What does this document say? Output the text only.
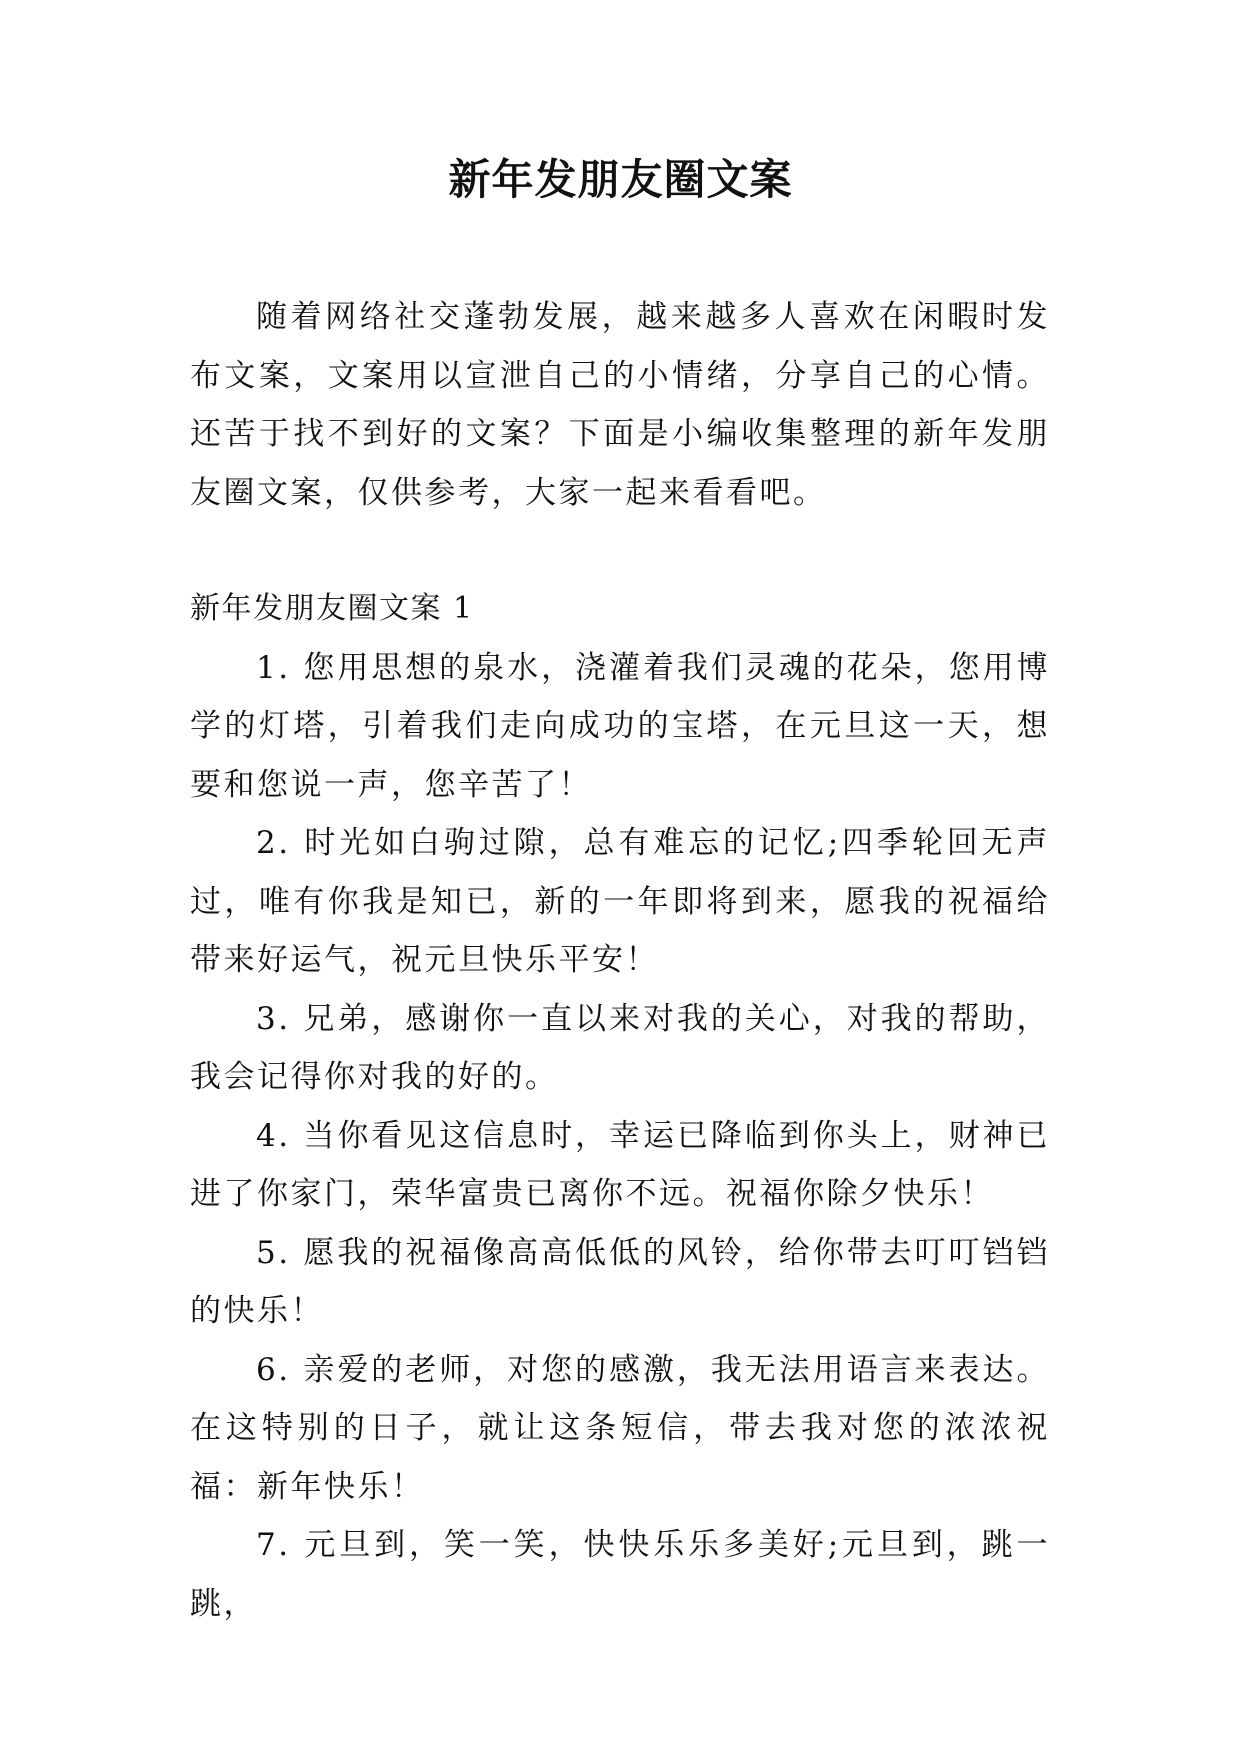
新年发朋友圈文案

随着网络社交蓬勃发展，越来越多人喜欢在闲暇时发布文案，文案用以宣泄自己的小情绪，分享自己的心情。还苦于找不到好的文案？下面是小编收集整理的新年发朋友圈文案，仅供参考，大家一起来看看吧。

新年发朋友圈文案 1

1. 您用思想的泉水，浇灌着我们灵魂的花朵，您用博学的灯塔，引着我们走向成功的宝塔，在元旦这一天，想要和您说一声，您辛苦了！

2. 时光如白驹过隙，总有难忘的记忆;四季轮回无声过，唯有你我是知已，新的一年即将到来，愿我的祝福给带来好运气，祝元旦快乐平安！

3. 兄弟，感谢你一直以来对我的关心，对我的帮助，我会记得你对我的好的。

4. 当你看见这信息时，幸运已降临到你头上，财神已进了你家门，荣华富贵已离你不远。祝福你除夕快乐！

5. 愿我的祝福像高高低低的风铃，给你带去叮叮铛铛的快乐！

6. 亲爱的老师，对您的感激，我无法用语言来表达。在这特别的日子，就让这条短信，带去我对您的浓浓祝福：新年快乐！

7. 元旦到，笑一笑，快快乐乐多美好;元旦到，跳一跳，
